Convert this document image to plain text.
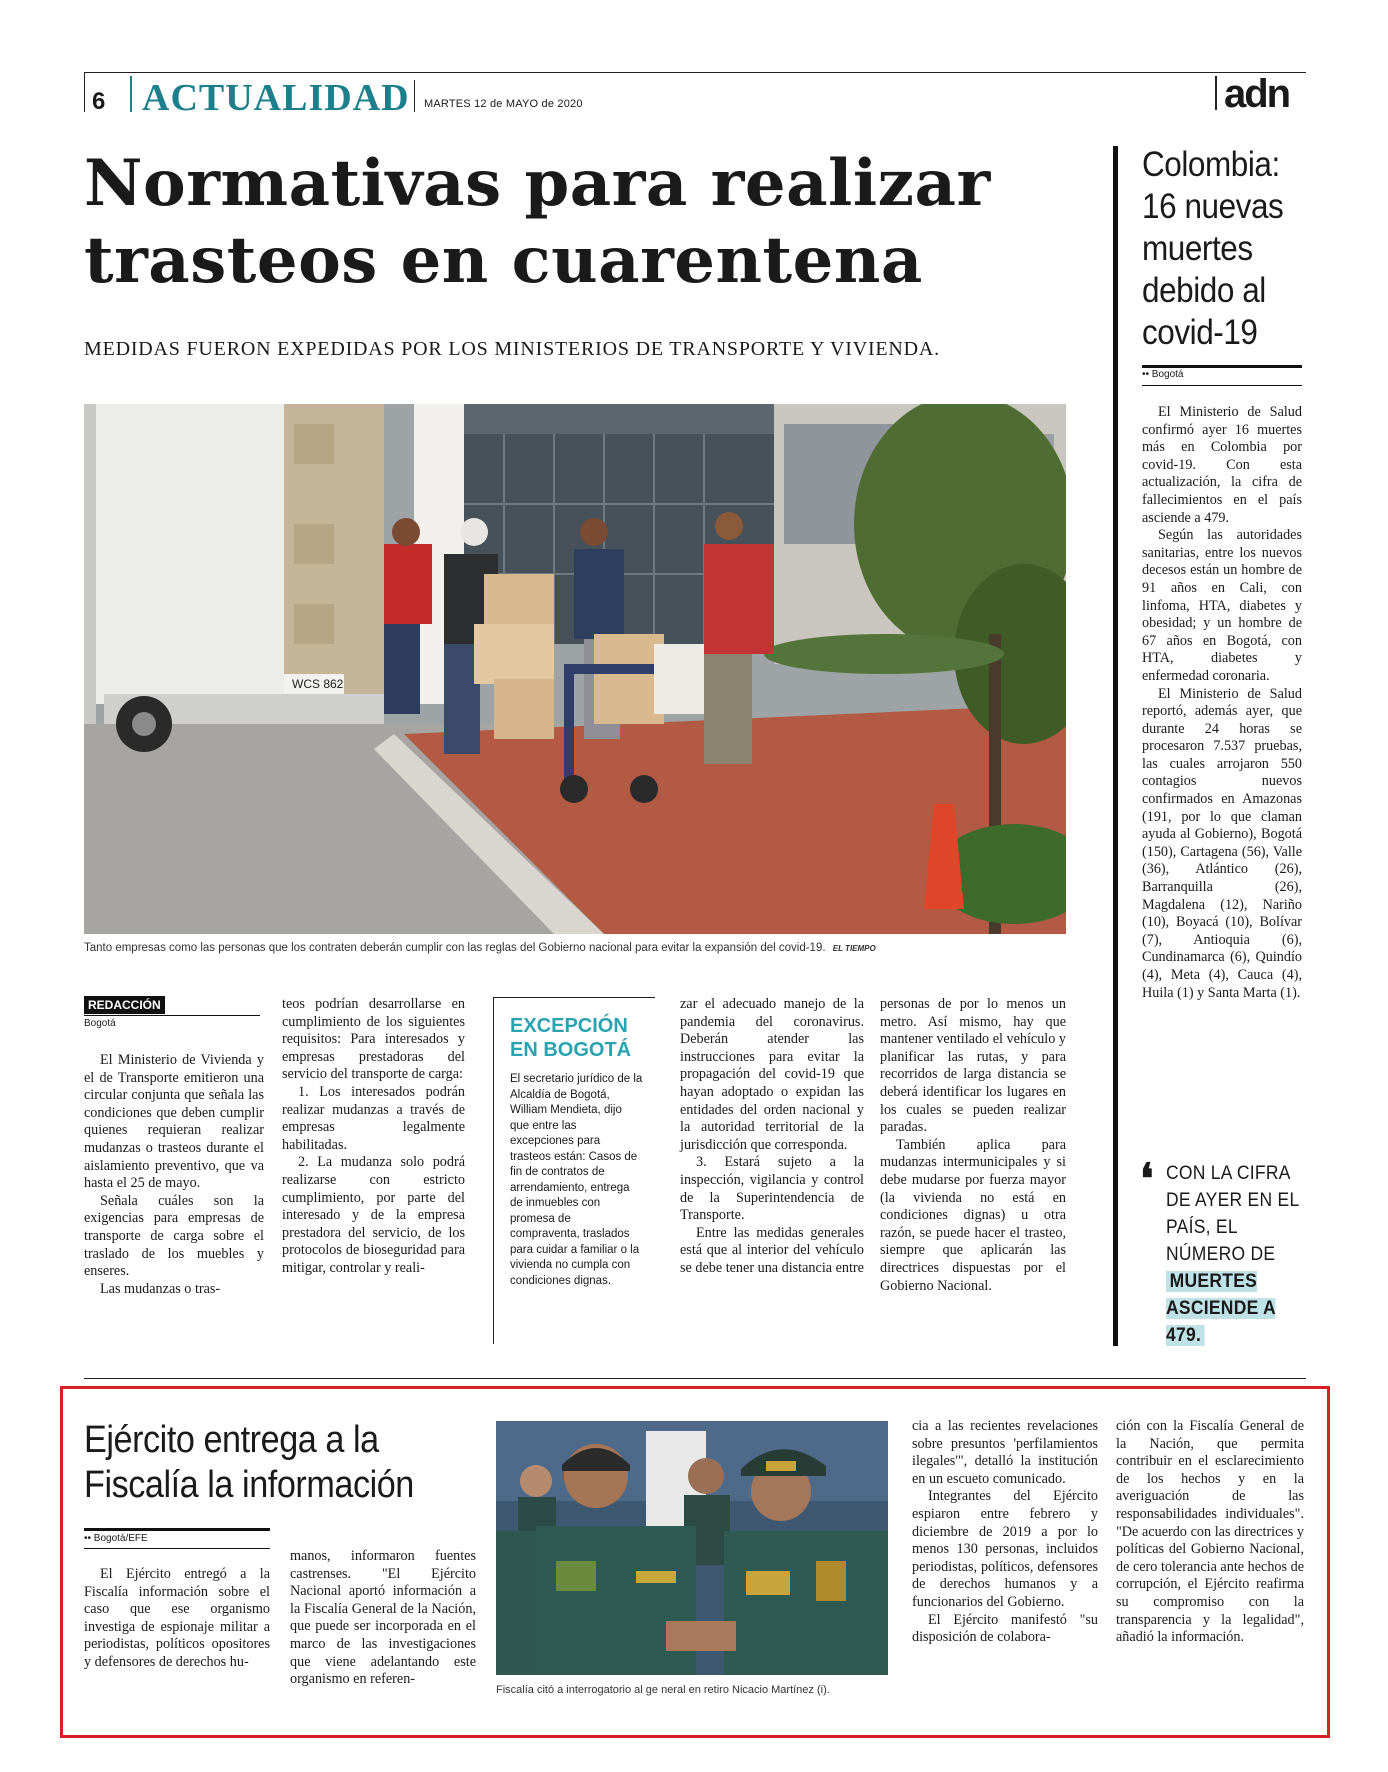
6 ACTUALIDAD MARTES 12 de MAYO de 2020	adn
Normativas para realizar
trasteos en cuarentena
MEDIDAS FUERON EXPEDIDAS POR LOS MINISTERIOS DE TRANSPORTE Y VIVIENDA.
WCS 862
Tanto empresas como las personas que los contraten deberán cumplir con las reglas del Gobierno nacional para evitar la expansión del covid-19. EL TIEMPO
REDACCIÓN
Bogotá

El Ministerio de Vivienda y el de Transporte emitieron una circular conjunta que señala las condiciones que deben cumplir quienes requieran realizar mudanzas o trasteos durante el aislamiento preventivo, que va hasta el 25 de mayo.

Señala cuáles son la exigencias para empresas de transporte de carga sobre el traslado de los muebles y enseres.

Las mudanzas o tras-

teos podrían desarrollarse en cumplimiento de los siguientes requisitos: Para interesados y empresas prestadoras del servicio del transporte de carga:

1. Los interesados podrán realizar mudanzas a través de empresas legalmente habilitadas.

2. La mudanza solo podrá realizarse con estricto cumplimiento, por parte del interesado y de la empresa prestadora del servicio, de los protocolos de bioseguridad para mitigar, controlar y reali-

EXCEPCIÓN EN BOGOTÁ
El secretario jurídico de la Alcaldía de Bogotá, William Mendieta, dijo que entre las excepciones para trasteos están: Casos de fin de contratos de arrendamiento, entrega de inmuebles con promesa de compraventa, traslados para cuidar a familiar o la vivienda no cumpla con condiciones dignas.

zar el adecuado manejo de la pandemia del coronavirus. Deberán atender las instrucciones para evitar la propagación del covid-19 que hayan adoptado o expidan las entidades del orden nacional y la autoridad territorial de la jurisdicción que corresponda.

3. Estará sujeto a la inspección, vigilancia y control de la Superintendencia de Transporte.

Entre las medidas generales está que al interior del vehículo se debe tener una distancia entre

personas de por lo menos un metro. Así mismo, hay que mantener ventilado el vehículo y planificar las rutas, y para recorridos de larga distancia se deberá identificar los lugares en los cuales se pueden realizar paradas.

También aplica para mudanzas intermunicipales y si debe mudarse por fuerza mayor (la vivienda no está en condiciones dignas) u otra razón, se puede hacer el trasteo, siempre que aplicarán las directrices dispuestas por el Gobierno Nacional.

Colombia: 16 nuevas muertes debido al covid-19
•• Bogotá

El Ministerio de Salud confirmó ayer 16 muertes más en Colombia por covid-19. Con esta actualización, la cifra de fallecimientos en el país asciende a 479.

Según las autoridades sanitarias, entre los nuevos decesos están un hombre de 91 años en Cali, con linfoma, HTA, diabetes y obesidad; y un hombre de 67 años en Bogotá, con HTA, diabetes y enfermedad coronaria.

El Ministerio de Salud reportó, además ayer, que durante 24 horas se procesaron 7.537 pruebas, las cuales arrojaron 550 contagios nuevos confirmados en Amazonas (191, por lo que claman ayuda al Gobierno), Bogotá (150), Cartagena (56), Valle (36), Atlántico (26), Barranquilla (26), Magdalena (12), Nariño (10), Boyacá (10), Bolívar (7), Antioquia (6), Cundinamarca (6), Quindío (4), Meta (4), Cauca (4), Huila (1) y Santa Marta (1).

❛ CON LA CIFRA DE AYER EN EL PAÍS, EL NÚMERO DE MUERTES ASCIENDE A 479.
Ejército entrega a la Fiscalía la información
•• Bogotá/EFE

El Ejército entregó a la Fiscalía información sobre el caso que ese organismo investiga de espionaje militar a periodistas, políticos opositores y defensores de derechos hu-

manos, informaron fuentes castrenses. "El Ejército Nacional aportó información a la Fiscalía General de la Nación, que puede ser incorporada en el marco de las investigaciones que viene adelantando este organismo en referen-

Fiscalía citó a interrogatorio al ge neral en retiro Nicacio Martínez (i).

cia a las recientes revelaciones sobre presuntos 'perfilamientos ilegales'", detalló la institución en un escueto comunicado.

Integrantes del Ejército espiaron entre febrero y diciembre de 2019 a por lo menos 130 personas, incluidos periodistas, políticos, defensores de derechos humanos y a funcionarios del Gobierno.

El Ejército manifestó "su disposición de colabora-

ción con la Fiscalía General de la Nación, que permita contribuir en el esclarecimiento de los hechos y en la averiguación de las responsabilidades individuales". "De acuerdo con las directrices y políticas del Gobierno Nacional, de cero tolerancia ante hechos de corrupción, el Ejército reafirma su compromiso con la transparencia y la legalidad", añadió la información.
